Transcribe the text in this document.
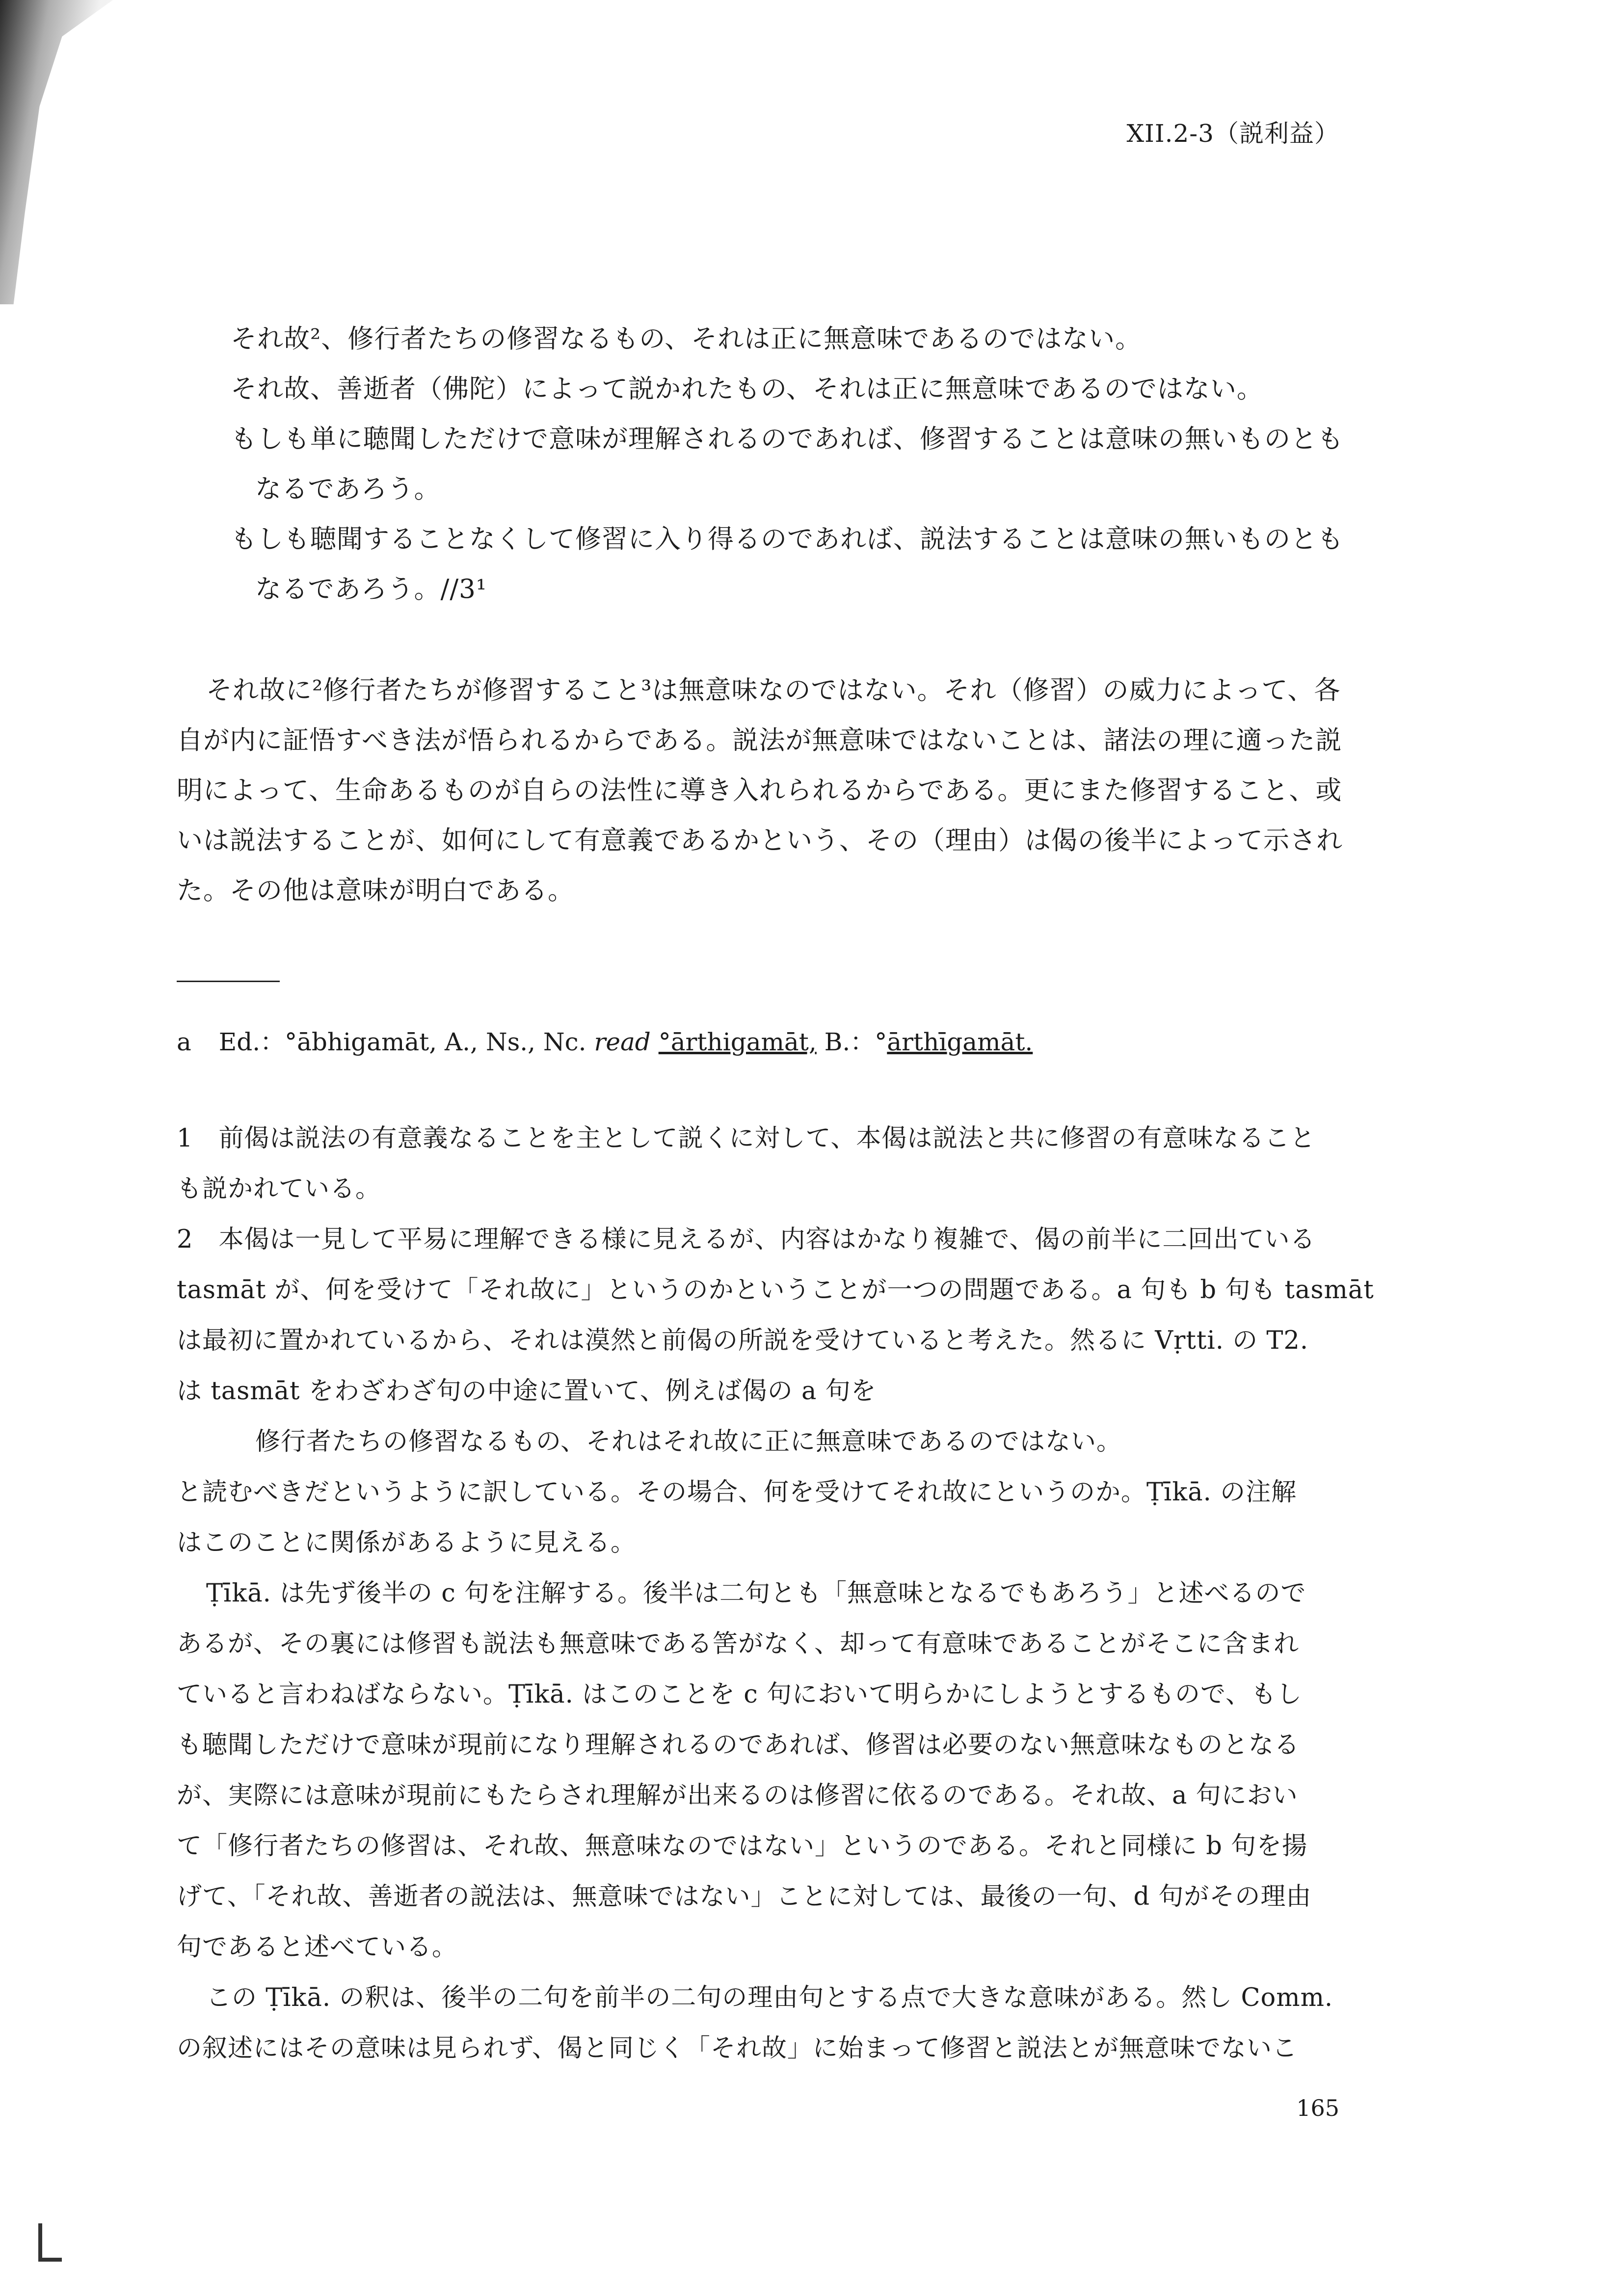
XII.2-3（説利益）
それ故²、修行者たちの修習なるもの、それは正に無意味であるのではない。
それ故、善逝者（佛陀）によって説かれたもの、それは正に無意味であるのではない。
もしも単に聴聞しただけで意味が理解されるのであれば、修習することは意味の無いものとも
なるであろう。
もしも聴聞することなくして修習に入り得るのであれば、説法することは意味の無いものとも
なるであろう。//3¹
それ故に²修行者たちが修習すること³は無意味なのではない。それ（修習）の威力によって、各
自が内に証悟すべき法が悟られるからである。説法が無意味ではないことは、諸法の理に適った説
明によって、生命あるものが自らの法性に導き入れられるからである。更にまた修習すること、或
いは説法することが、如何にして有意義であるかという、その（理由）は偈の後半によって示され
た。その他は意味が明白である。
a Ed.：°ābhigamāt, A., Ns., Nc. read °ārthigamāt, B.：°ārthīgamāt.
1　前偈は説法の有意義なることを主として説くに対して、本偈は説法と共に修習の有意味なること
も説かれている。
2　本偈は一見して平易に理解できる様に見えるが、内容はかなり複雑で、偈の前半に二回出ている
tasmāt が、何を受けて「それ故に」というのかということが一つの問題である。a 句も b 句も tasmāt
は最初に置かれているから、それは漠然と前偈の所説を受けていると考えた。然るに Vṛtti. の T2.
は tasmāt をわざわざ句の中途に置いて、例えば偈の a 句を
修行者たちの修習なるもの、それはそれ故に正に無意味であるのではない。
と読むべきだというように訳している。その場合、何を受けてそれ故にというのか。Ṭīkā. の注解
はこのことに関係があるように見える。
Ṭīkā. は先ず後半の c 句を注解する。後半は二句とも「無意味となるでもあろう」と述べるので
あるが、その裏には修習も説法も無意味である筈がなく、却って有意味であることがそこに含まれ
ていると言わねばならない。Ṭīkā. はこのことを c 句において明らかにしようとするもので、もし
も聴聞しただけで意味が現前になり理解されるのであれば、修習は必要のない無意味なものとなる
が、実際には意味が現前にもたらされ理解が出来るのは修習に依るのである。それ故、a 句におい
て「修行者たちの修習は、それ故、無意味なのではない」というのである。それと同様に b 句を揚
げて、「それ故、善逝者の説法は、無意味ではない」ことに対しては、最後の一句、d 句がその理由
句であると述べている。
この Ṭīkā. の釈は、後半の二句を前半の二句の理由句とする点で大きな意味がある。然し Comm.
の叙述にはその意味は見られず、偈と同じく「それ故」に始まって修習と説法とが無意味でないこ
165
